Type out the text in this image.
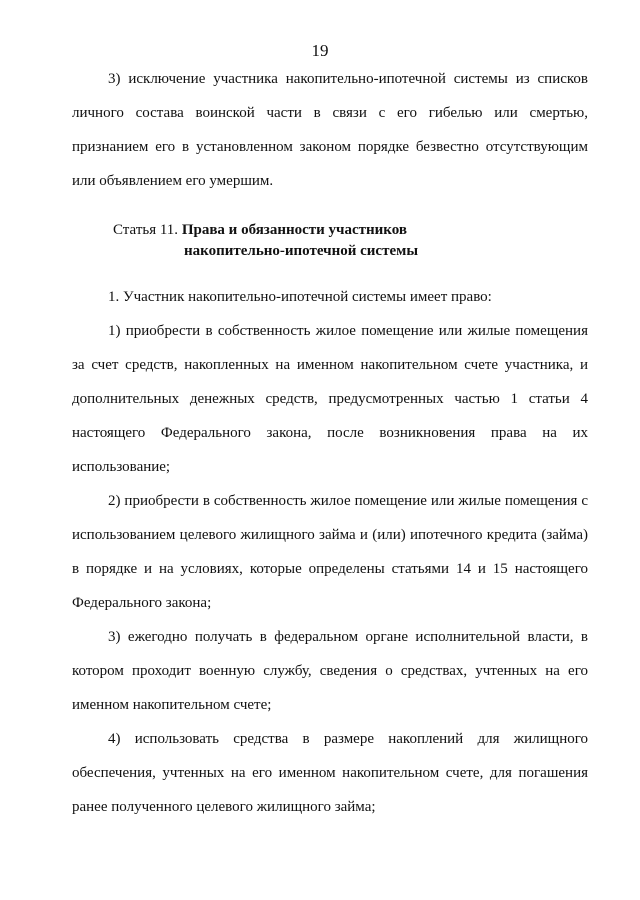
19

3) исключение участника накопительно-ипотечной системы из списков личного состава воинской части в связи с его гибелью или смертью, признанием его в установленном законом порядке безвестно отсутствующим или объявлением его умершим.

Статья 11. Права и обязанности участников
накопительно-ипотечной системы

1. Участник накопительно-ипотечной системы имеет право:

1) приобрести в собственность жилое помещение или жилые помещения за счет средств, накопленных на именном накопительном счете участника, и дополнительных денежных средств, предусмотренных частью 1 статьи 4 настоящего Федерального закона, после возникновения права на их использование;

2) приобрести в собственность жилое помещение или жилые помещения с использованием целевого жилищного займа и (или) ипотечного кредита (займа) в порядке и на условиях, которые определены статьями 14 и 15 настоящего Федерального закона;

3) ежегодно получать в федеральном органе исполнительной власти, в котором проходит военную службу, сведения о средствах, учтенных на его именном накопительном счете;

4) использовать средства в размере накоплений для жилищного обеспечения, учтенных на его именном накопительном счете, для погашения ранее полученного целевого жилищного займа;
